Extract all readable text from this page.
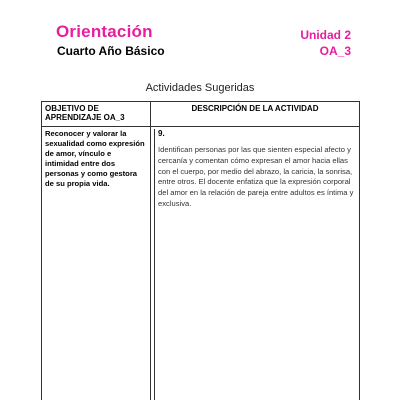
Orientación
Cuarto Año Básico
Unidad 2
OA_3
Actividades Sugeridas
OBJETIVO DE APRENDIZAJE OA_3	DESCRIPCIÓN DE LA ACTIVIDAD
Reconocer y valorar la sexualidad como expresión de amor, vínculo e intimidad entre dos personas y como gestora de su propia vida.	9.
Identifican personas por las que sienten especial afecto y cercanía y comentan cómo expresan el amor hacia ellas con el cuerpo, por medio del abrazo, la caricia, la sonrisa, entre otros. El docente enfatiza que la expresión corporal del amor en la relación de pareja entre adultos es íntima y exclusiva.
